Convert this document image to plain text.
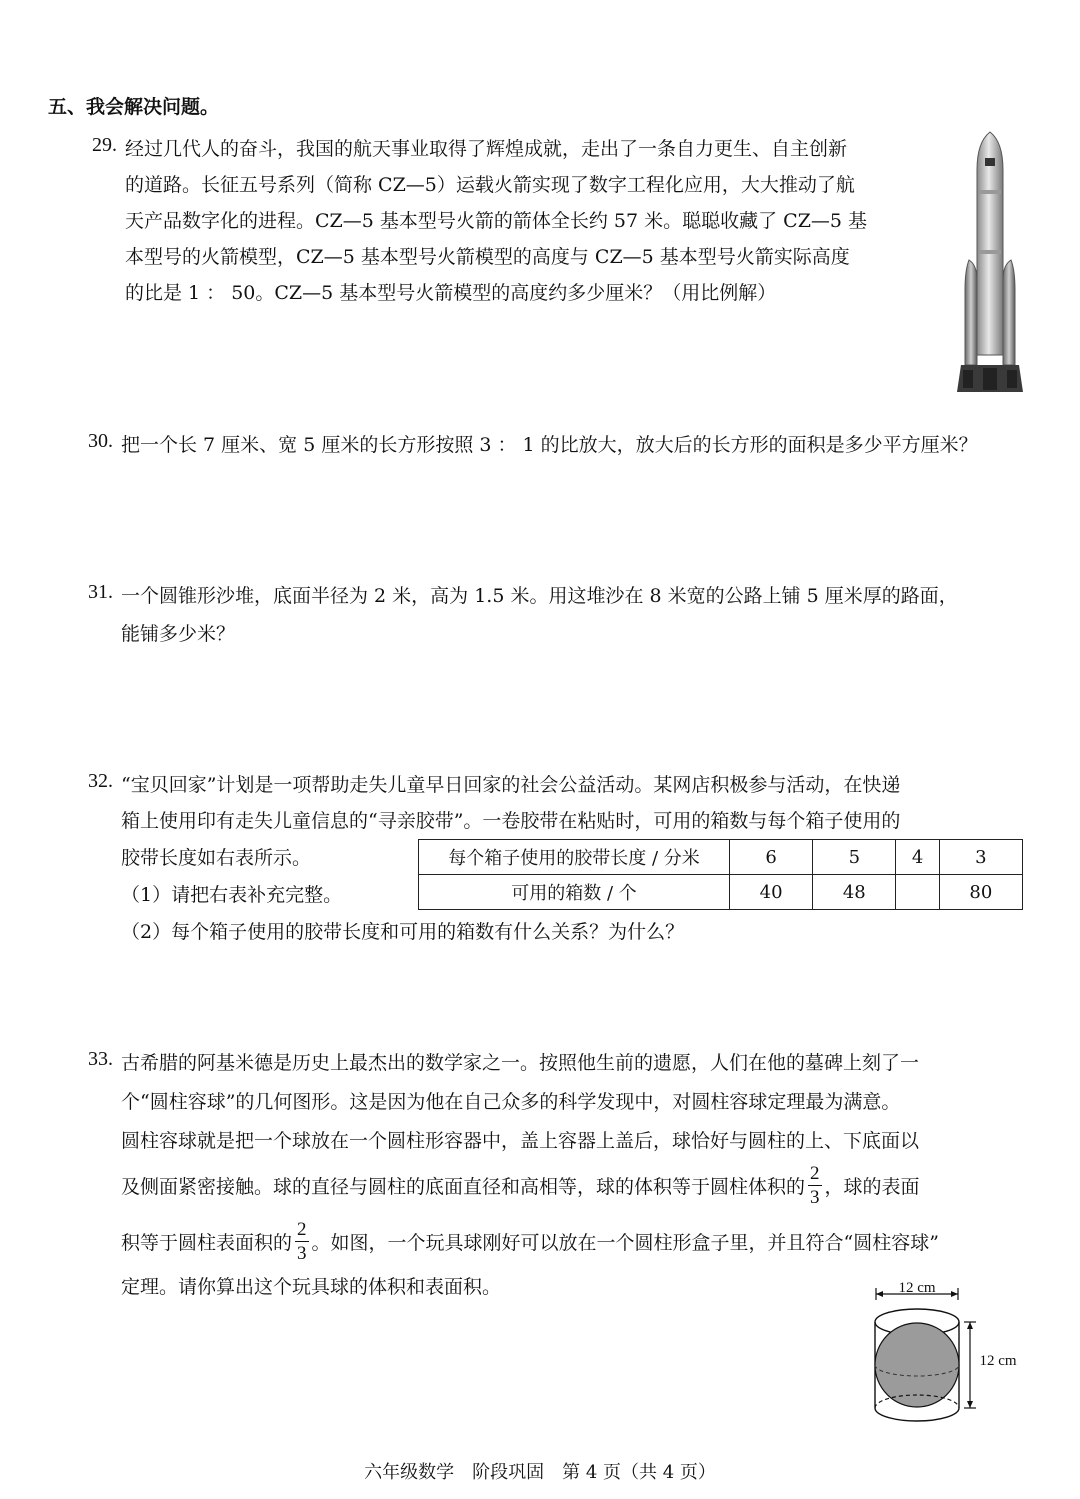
五、我会解决问题。
29. 经过几代人的奋斗，我国的航天事业取得了辉煌成就，走出了一条自力更生、自主创新
的道路。长征五号系列（简称 CZ—5）运载火箭实现了数字工程化应用，大大推动了航
天产品数字化的进程。CZ—5 基本型号火箭的箭体全长约 57 米。聪聪收藏了 CZ—5 基
本型号的火箭模型，CZ—5 基本型号火箭模型的高度与 CZ—5 基本型号火箭实际高度
的比是 1 ： 50。CZ—5 基本型号火箭模型的高度约多少厘米？（用比例解）
30. 把一个长 7 厘米、宽 5 厘米的长方形按照 3 ： 1 的比放大，放大后的长方形的面积是多少平方厘米？
31. 一个圆锥形沙堆，底面半径为 2 米，高为 1.5 米。用这堆沙在 8 米宽的公路上铺 5 厘米厚的路面，
能铺多少米？
32. “宝贝回家”计划是一项帮助走失儿童早日回家的社会公益活动。某网店积极参与活动，在快递
箱上使用印有走失儿童信息的“寻亲胶带”。一卷胶带在粘贴时，可用的箱数与每个箱子使用的
胶带长度如右表所示。
（1）请把右表补充完整。
（2）每个箱子使用的胶带长度和可用的箱数有什么关系？为什么？
每个箱子使用的胶带长度 / 分米	6	5	4	3
可用的箱数 / 个	40	48		80
33. 古希腊的阿基米德是历史上最杰出的数学家之一。按照他生前的遗愿，人们在他的墓碑上刻了一
个“圆柱容球”的几何图形。这是因为他在自己众多的科学发现中，对圆柱容球定理最为满意。
圆柱容球就是把一个球放在一个圆柱形容器中，盖上容器上盖后，球恰好与圆柱的上、下底面以
及侧面紧密接触。球的直径与圆柱的底面直径和高相等，球的体积等于圆柱体积的 $\frac{2}{3}$ ，球的表面
积等于圆柱表面积的 $\frac{2}{3}$ 。如图，一个玩具球刚好可以放在一个圆柱形盒子里，并且符合“圆柱容球”
定理。请你算出这个玩具球的体积和表面积。	12 cm
12 cm
六年级数学　阶段巩固　第 4 页（共 4 页）
